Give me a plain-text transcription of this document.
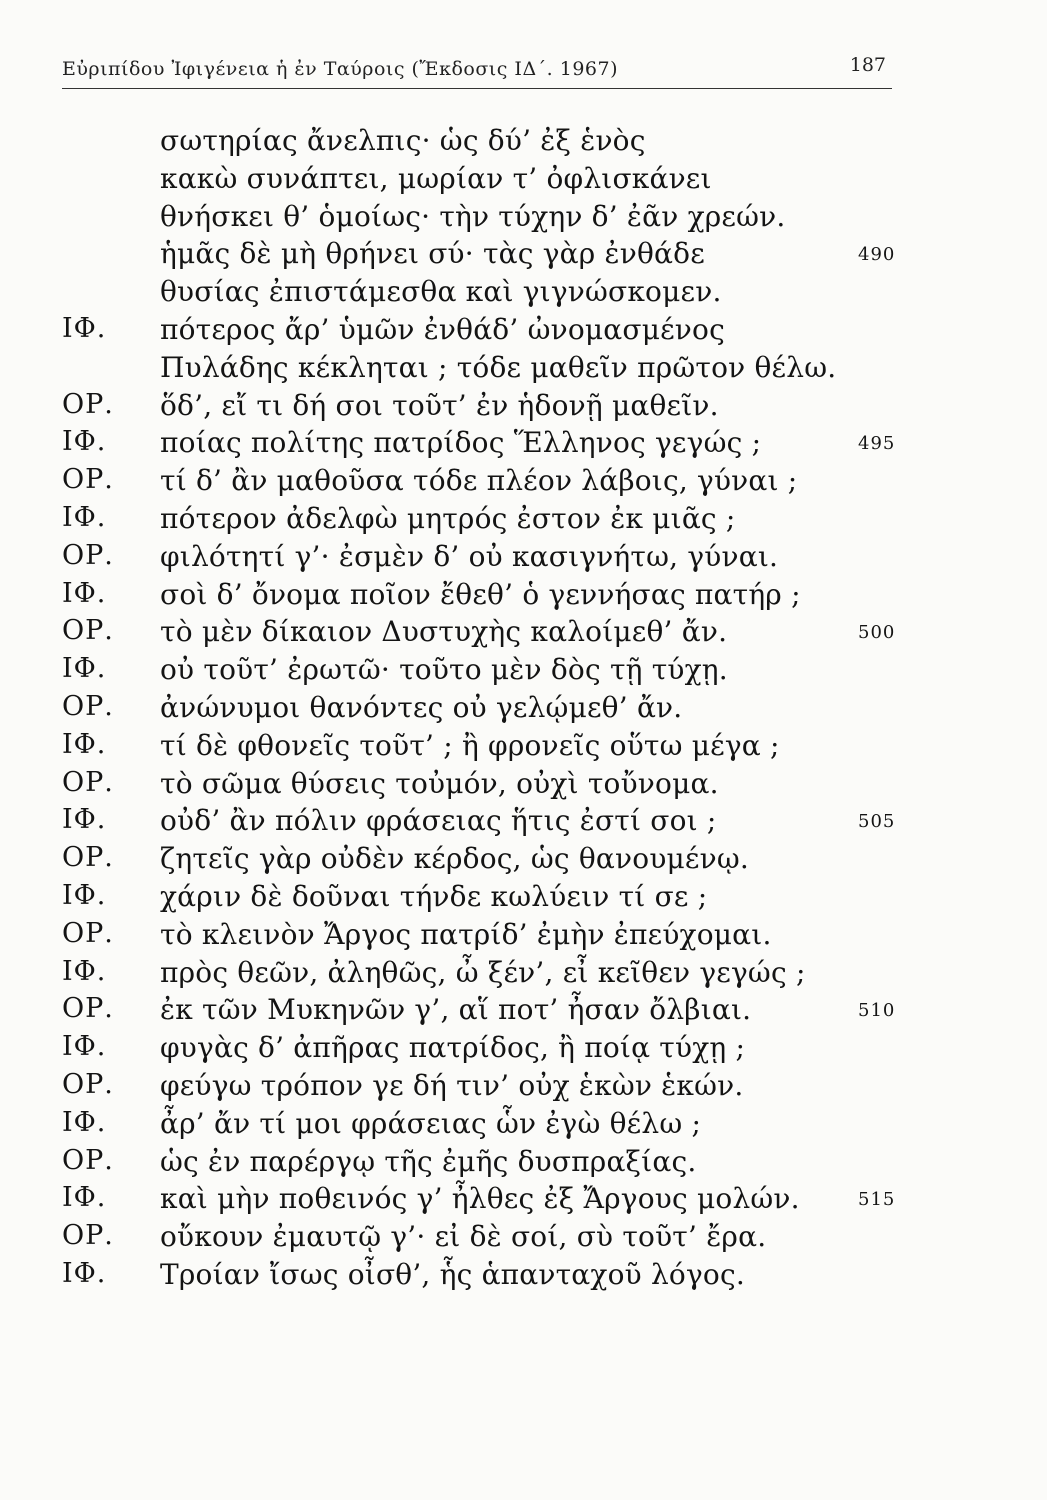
Εὐριπίδου Ἰφιγένεια ἡ ἐν Ταύροις (Ἔκδοσις ΙΔ΄. 1967)	187
σωτηρίας ἄνελπις· ὡς δύ’ ἐξ ἑνὸς
κακὼ συνάπτει, μωρίαν τ’ ὀφλισκάνει
θνήσκει θ’ ὁμοίως· τὴν τύχην δ’ ἐᾶν χρεών.
ἡμᾶς δὲ μὴ θρήνει σύ· τὰς γὰρ ἐνθάδε	490
θυσίας ἐπιστάμεσθα καὶ γιγνώσκομεν.
ΙΦ. πότερος ἄρ’ ὑμῶν ἐνθάδ’ ὠνομασμένος
Πυλάδης κέκληται ; τόδε μαθεῖν πρῶτον θέλω.
ΟΡ. ὅδ’, εἴ τι δή σοι τοῦτ’ ἐν ἡδονῇ μαθεῖν.
ΙΦ. ποίας πολίτης πατρίδος Ἕλληνος γεγώς ;	495
ΟΡ. τί δ’ ἂν μαθοῦσα τόδε πλέον λάβοις, γύναι ;
ΙΦ. πότερον ἀδελφὼ μητρός ἐστον ἐκ μιᾶς ;
ΟΡ. φιλότητί γ’· ἐσμὲν δ’ οὐ κασιγνήτω, γύναι.
ΙΦ. σοὶ δ’ ὄνομα ποῖον ἔθεθ’ ὁ γεννήσας πατήρ ;
ΟΡ. τὸ μὲν δίκαιον Δυστυχὴς καλοίμεθ’ ἄν.	500
ΙΦ. οὐ τοῦτ’ ἐρωτῶ· τοῦτο μὲν δὸς τῇ τύχῃ.
ΟΡ. ἀνώνυμοι θανόντες οὐ γελῴμεθ’ ἄν.
ΙΦ. τί δὲ φθονεῖς τοῦτ’ ; ἢ φρονεῖς οὕτω μέγα ;
ΟΡ. τὸ σῶμα θύσεις τοὐμόν, οὐχὶ τοὔνομα.
ΙΦ. οὐδ’ ἂν πόλιν φράσειας ἥτις ἐστί σοι ;	505
ΟΡ. ζητεῖς γὰρ οὐδὲν κέρδος, ὡς θανουμένῳ.
ΙΦ. χάριν δὲ δοῦναι τήνδε κωλύειν τί σε ;
ΟΡ. τὸ κλεινὸν Ἄργος πατρίδ’ ἐμὴν ἐπεύχομαι.
ΙΦ. πρὸς θεῶν, ἀληθῶς, ὦ ξέν’, εἶ κεῖθεν γεγώς ;
ΟΡ. ἐκ τῶν Μυκηνῶν γ’, αἵ ποτ’ ἦσαν ὄλβιαι.	510
ΙΦ. φυγὰς δ’ ἀπῆρας πατρίδος, ἢ ποίᾳ τύχῃ ;
ΟΡ. φεύγω τρόπον γε δή τιν’ οὐχ ἑκὼν ἑκών.
ΙΦ. ἆρ’ ἄν τί μοι φράσειας ὧν ἐγὼ θέλω ;
ΟΡ. ὡς ἐν παρέργῳ τῆς ἐμῆς δυσπραξίας.
ΙΦ. καὶ μὴν ποθεινός γ’ ἦλθες ἐξ Ἄργους μολών.	515
ΟΡ. οὔκουν ἐμαυτῷ γ’· εἰ δὲ σοί, σὺ τοῦτ’ ἔρα.
ΙΦ. Τροίαν ἴσως οἶσθ’, ἧς ἁπανταχοῦ λόγος.
